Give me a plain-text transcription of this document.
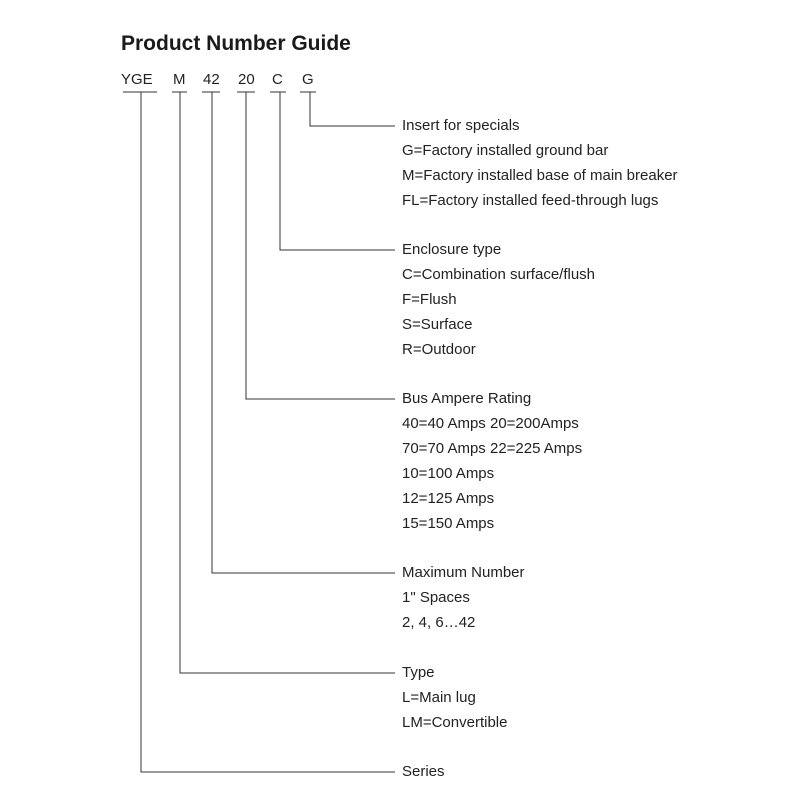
Product Number Guide
YGE M 42 20 C G
Insert for specials
G=Factory installed ground bar
M=Factory installed base of main breaker
FL=Factory installed feed-through lugs
Enclosure type
C=Combination surface/flush
F=Flush
S=Surface
R=Outdoor
Bus Ampere Rating
40=40 Amps 20=200Amps
70=70 Amps 22=225 Amps
10=100 Amps
12=125 Amps
15=150 Amps
Maximum Number
1" Spaces
2, 4, 6…42
Type
L=Main lug
LM=Convertible
Series
